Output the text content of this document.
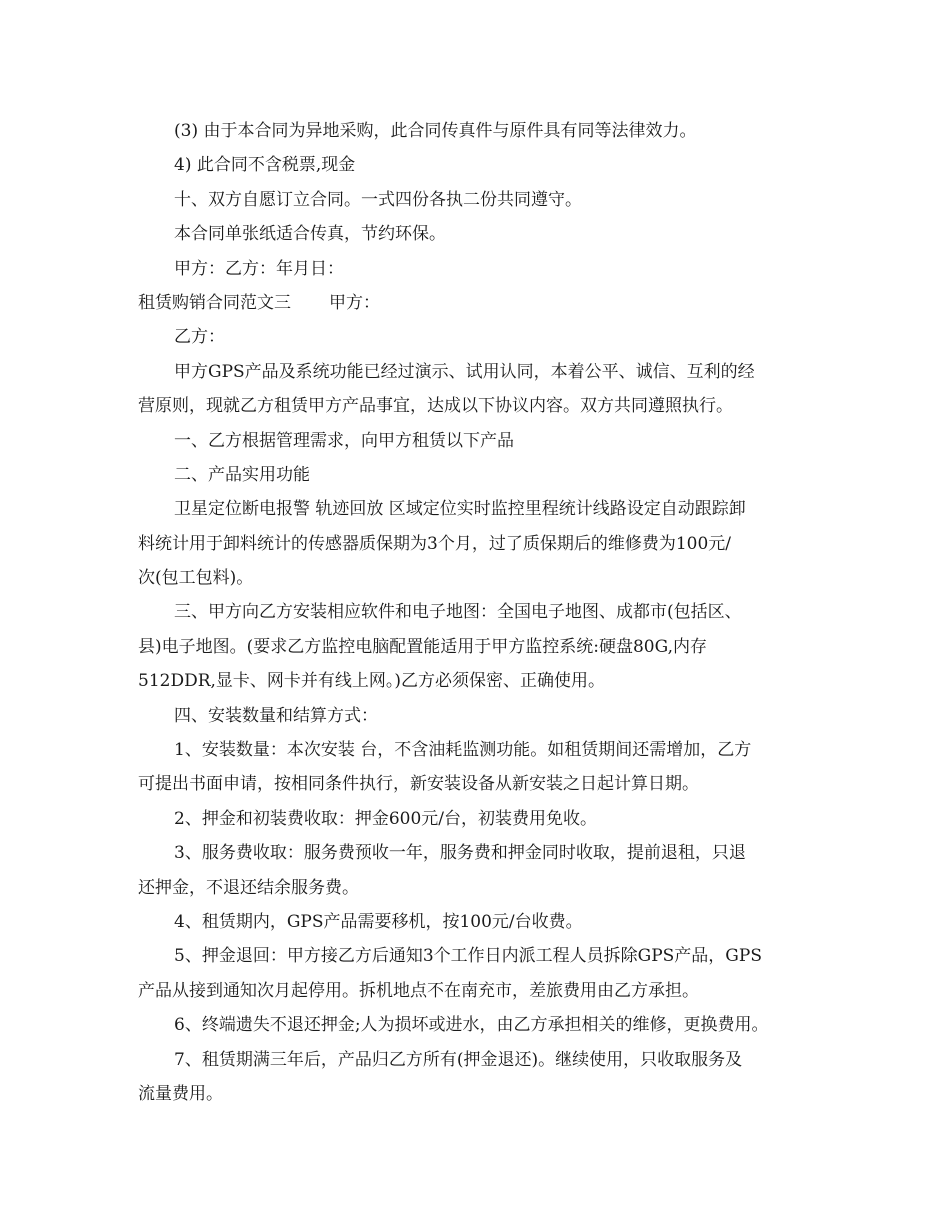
(3) 由于本合同为异地采购，此合同传真件与原件具有同等法律效力。
4) 此合同不含税票,现金
十、双方自愿订立合同。一式四份各执二份共同遵守。
本合同单张纸适合传真，节约环保。
甲方：乙方：年月日：
租赁购销合同范文三 甲方：
乙方：
甲方GPS产品及系统功能已经过演示、试用认同，本着公平、诚信、互利的经
营原则，现就乙方租赁甲方产品事宜，达成以下协议内容。双方共同遵照执行。
一、乙方根据管理需求，向甲方租赁以下产品
二、产品实用功能
卫星定位断电报警 轨迹回放 区域定位实时监控里程统计线路设定自动跟踪卸
料统计用于卸料统计的传感器质保期为3个月，过了质保期后的维修费为100元/
次(包工包料)。
三、甲方向乙方安装相应软件和电子地图：全国电子地图、成都市(包括区、
县)电子地图。(要求乙方监控电脑配置能适用于甲方监控系统:硬盘80G,内存
512DDR,显卡、网卡并有线上网。)乙方必须保密、正确使用。
四、安装数量和结算方式：
1、安装数量：本次安装 台，不含油耗监测功能。如租赁期间还需增加，乙方
可提出书面申请，按相同条件执行，新安装设备从新安装之日起计算日期。
2、押金和初装费收取：押金600元/台，初装费用免收。
3、服务费收取：服务费预收一年，服务费和押金同时收取，提前退租，只退
还押金，不退还结余服务费。
4、租赁期内，GPS产品需要移机，按100元/台收费。
5、押金退回：甲方接乙方后通知3个工作日内派工程人员拆除GPS产品，GPS
产品从接到通知次月起停用。拆机地点不在南充市，差旅费用由乙方承担。
6、终端遗失不退还押金;人为损坏或进水，由乙方承担相关的维修，更换费用。
7、租赁期满三年后，产品归乙方所有(押金退还)。继续使用，只收取服务及
流量费用。
